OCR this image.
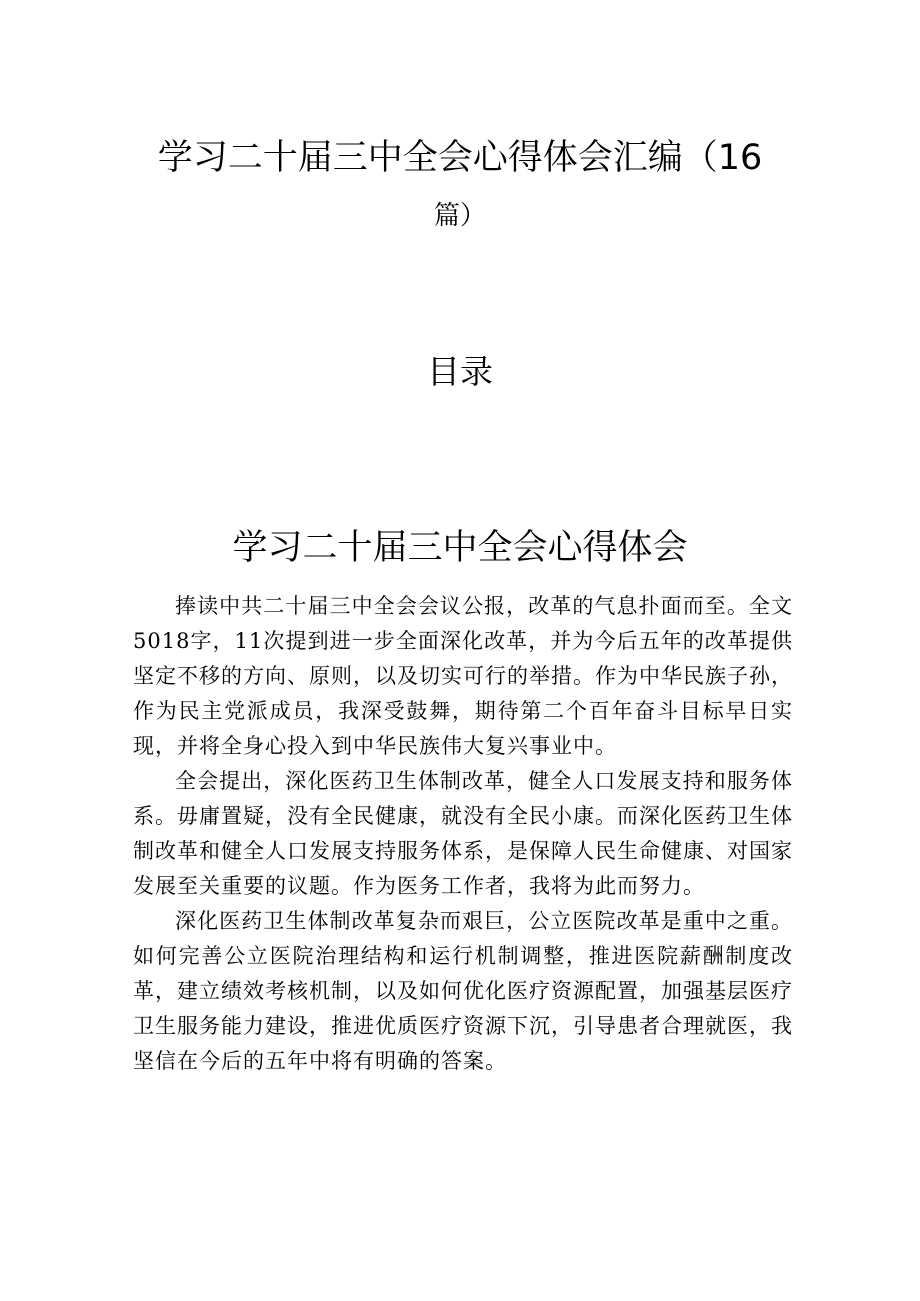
学习二十届三中全会心得体会汇编（16
篇）
目录
学习二十届三中全会心得体会

捧读中共二十届三中全会会议公报，改革的气息扑面而至。全文5018字，11次提到进一步全面深化改革，并为今后五年的改革提供坚定不移的方向、原则，以及切实可行的举措。作为中华民族子孙，作为民主党派成员，我深受鼓舞，期待第二个百年奋斗目标早日实现，并将全身心投入到中华民族伟大复兴事业中。

全会提出，深化医药卫生体制改革，健全人口发展支持和服务体系。毋庸置疑，没有全民健康，就没有全民小康。而深化医药卫生体制改革和健全人口发展支持服务体系，是保障人民生命健康、对国家发展至关重要的议题。作为医务工作者，我将为此而努力。

深化医药卫生体制改革复杂而艰巨，公立医院改革是重中之重。如何完善公立医院治理结构和运行机制调整，推进医院薪酬制度改革，建立绩效考核机制，以及如何优化医疗资源配置，加强基层医疗卫生服务能力建设，推进优质医疗资源下沉，引导患者合理就医，我坚信在今后的五年中将有明确的答案。
